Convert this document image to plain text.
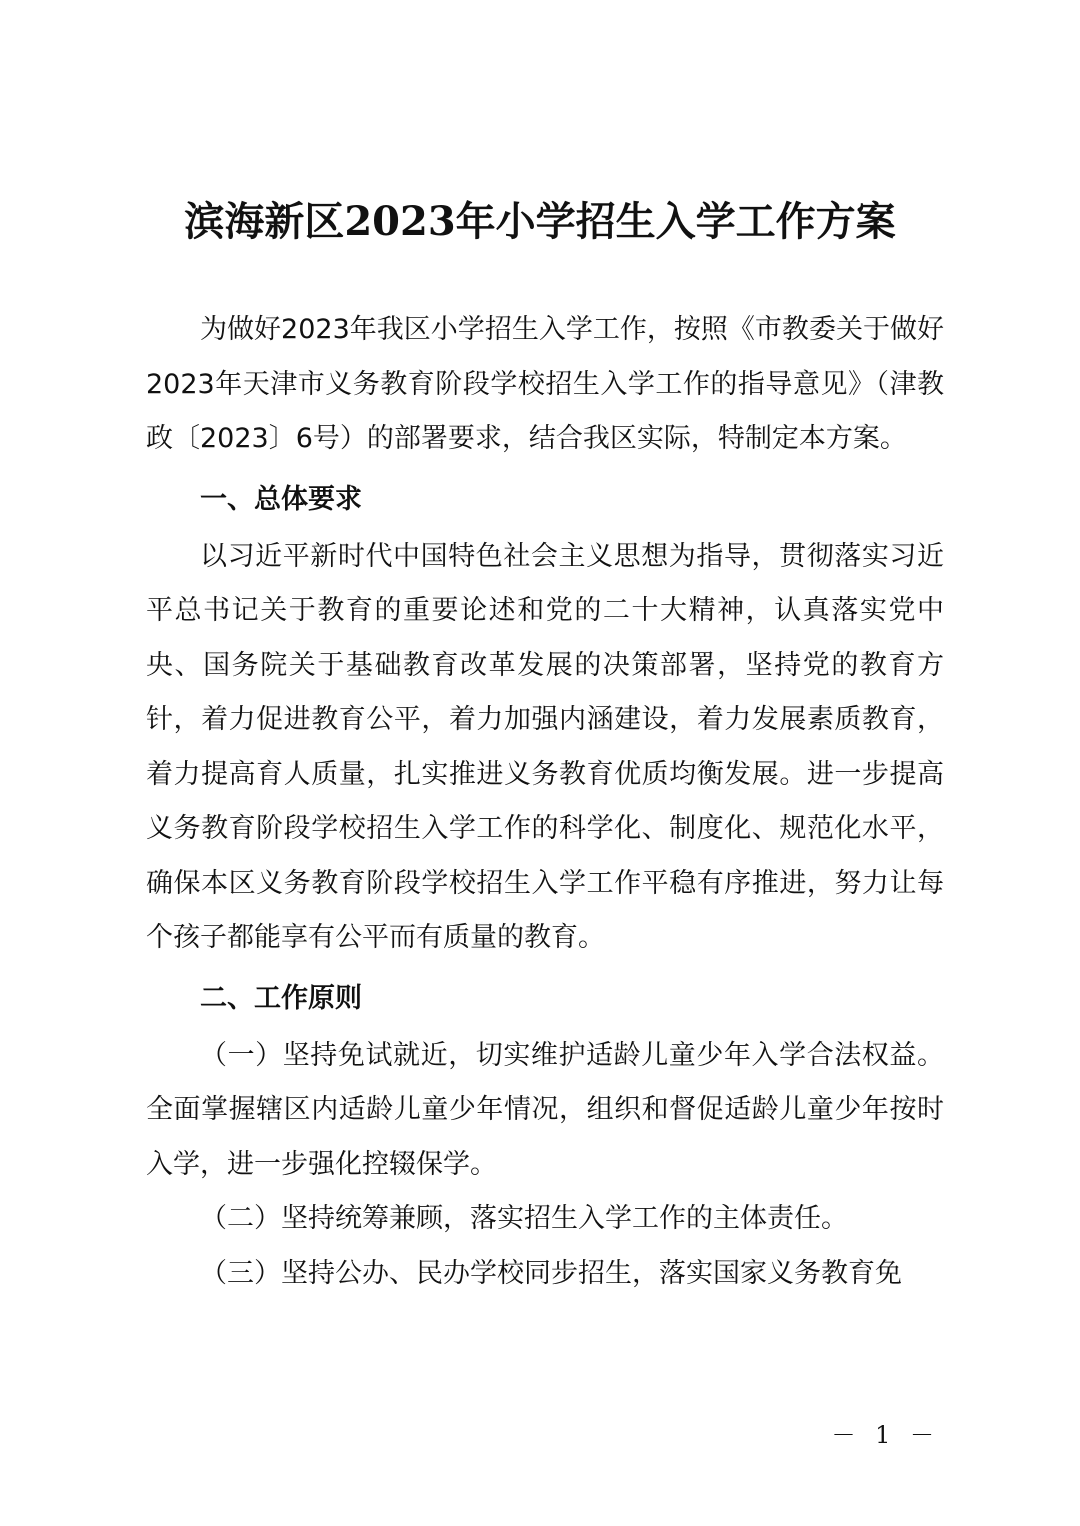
滨海新区2023年小学招生入学工作方案

为做好2023年我区小学招生入学工作，按照《市教委关于做好2023年天津市义务教育阶段学校招生入学工作的指导意见》（津教政〔2023〕6号）的部署要求，结合我区实际，特制定本方案。

一、总体要求

以习近平新时代中国特色社会主义思想为指导，贯彻落实习近平总书记关于教育的重要论述和党的二十大精神，认真落实党中央、国务院关于基础教育改革发展的决策部署，坚持党的教育方针，着力促进教育公平，着力加强内涵建设，着力发展素质教育，着力提高育人质量，扎实推进义务教育优质均衡发展。进一步提高义务教育阶段学校招生入学工作的科学化、制度化、规范化水平，确保本区义务教育阶段学校招生入学工作平稳有序推进，努力让每个孩子都能享有公平而有质量的教育。

二、工作原则

（一）坚持免试就近，切实维护适龄儿童少年入学合法权益。全面掌握辖区内适龄儿童少年情况，组织和督促适龄儿童少年按时入学，进一步强化控辍保学。

（二）坚持统筹兼顾，落实招生入学工作的主体责任。

（三）坚持公办、民办学校同步招生，落实国家义务教育免

－ 1 －
